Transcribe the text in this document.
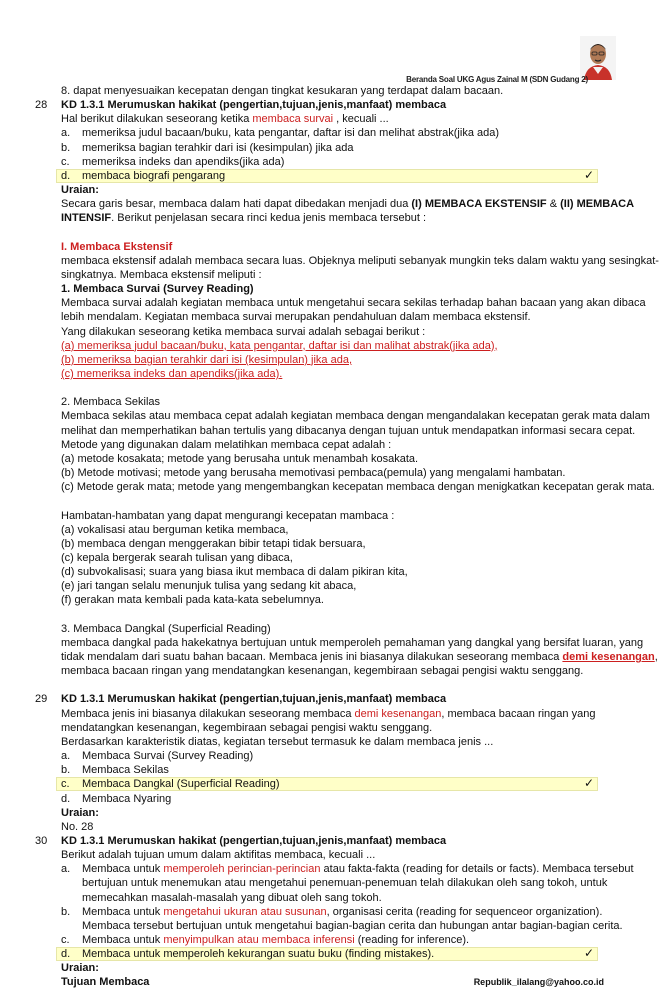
Beranda Soal UKG Agus Zainal M (SDN Gudang 2)
8. dapat menyesuaikan kecepatan dengan tingkat kesukaran yang terdapat dalam bacaan.
28 KD 1.3.1 Merumuskan hakikat (pengertian,tujuan,jenis,manfaat) membaca
Hal berikut dilakukan seseorang ketika membaca survai , kecuali ...
a. memeriksa judul bacaan/buku, kata pengantar, daftar isi dan melihat abstrak(jika ada)
b. memeriksa bagian terahkir dari isi (kesimpulan) jika ada
c. memeriksa indeks dan apendiks(jika ada)
✓
d. membaca biografi pengarang
Uraian:
Secara garis besar, membaca dalam hati dapat dibedakan menjadi dua (I) MEMBACA EKSTENSIF & (II) MEMBACA
INTENSIF. Berikut penjelasan secara rinci kedua jenis membaca tersebut :
I. Membaca Ekstensif
membaca ekstensif adalah membaca secara luas. Objeknya meliputi sebanyak mungkin teks dalam waktu yang sesingkat-
singkatnya. Membaca ekstensif meliputi :
1. Membaca Survai (Survey Reading)
Membaca survai adalah kegiatan membaca untuk mengetahui secara sekilas terhadap bahan bacaan yang akan dibaca
lebih mendalam. Kegiatan membaca survai merupakan pendahuluan dalam membaca ekstensif.
Yang dilakukan seseorang ketika membaca survai adalah sebagai berikut :
(a) memeriksa judul bacaan/buku, kata pengantar, daftar isi dan malihat abstrak(jika ada),
(b) memeriksa bagian terahkir dari isi (kesimpulan) jika ada,
(c) memeriksa indeks dan apendiks(jika ada).
2. Membaca Sekilas
Membaca sekilas atau membaca cepat adalah kegiatan membaca dengan mengandalakan kecepatan gerak mata dalam
melihat dan memperhatikan bahan tertulis yang dibacanya dengan tujuan untuk mendapatkan informasi secara cepat.
Metode yang digunakan dalam melatihkan membaca cepat adalah :
(a) metode kosakata; metode yang berusaha untuk menambah kosakata.
(b) Metode motivasi; metode yang berusaha memotivasi pembaca(pemula) yang mengalami hambatan.
(c) Metode gerak mata; metode yang mengembangkan kecepatan membaca dengan menigkatkan kecepatan gerak mata.
Hambatan-hambatan yang dapat mengurangi kecepatan mambaca :
(a) vokalisasi atau berguman ketika membaca,
(b) membaca dengan menggerakan bibir tetapi tidak bersuara,
(c) kepala bergerak searah tulisan yang dibaca,
(d) subvokalisasi; suara yang biasa ikut membaca di dalam pikiran kita,
(e) jari tangan selalu menunjuk tulisa yang sedang kit abaca,
(f) gerakan mata kembali pada kata-kata sebelumnya.
3. Membaca Dangkal (Superficial Reading)
membaca dangkal pada hakekatnya bertujuan untuk memperoleh pemahaman yang dangkal yang bersifat luaran, yang
tidak mendalam dari suatu bahan bacaan. Membaca jenis ini biasanya dilakukan seseorang membaca demi kesenangan,
membaca bacaan ringan yang mendatangkan kesenangan, kegembiraan sebagai pengisi waktu senggang.
29 KD 1.3.1 Merumuskan hakikat (pengertian,tujuan,jenis,manfaat) membaca
Membaca jenis ini biasanya dilakukan seseorang membaca demi kesenangan, membaca bacaan ringan yang
mendatangkan kesenangan, kegembiraan sebagai pengisi waktu senggang.
Berdasarkan karakteristik diatas, kegiatan tersebut termasuk ke dalam membaca jenis ...
a. Membaca Survai (Survey Reading)
b. Membaca Sekilas
✓
c. Membaca Dangkal (Superficial Reading)
d. Membaca Nyaring
Uraian:
No. 28
30 KD 1.3.1 Merumuskan hakikat (pengertian,tujuan,jenis,manfaat) membaca
Berikut adalah tujuan umum dalam aktifitas membaca, kecuali ...
a. Membaca untuk memperoleh perincian-perincian atau fakta-fakta (reading for details or facts). Membaca tersebut
bertujuan untuk menemukan atau mengetahui penemuan-penemuan telah dilakukan oleh sang tokoh, untuk
memecahkan masalah-masalah yang dibuat oleh sang tokoh.
b. Membaca untuk mengetahui ukuran atau susunan, organisasi cerita (reading for sequenceor organization).
Membaca tersebut bertujuan untuk mengetahui bagian-bagian cerita dan hubungan antar bagian-bagian cerita.
c. Membaca untuk menyimpulkan atau membaca inferensi (reading for inference).
✓
d. Membaca untuk memperoleh kekurangan suatu buku (finding mistakes).
Uraian:
Tujuan Membaca	Republik_ilalang@yahoo.co.id
